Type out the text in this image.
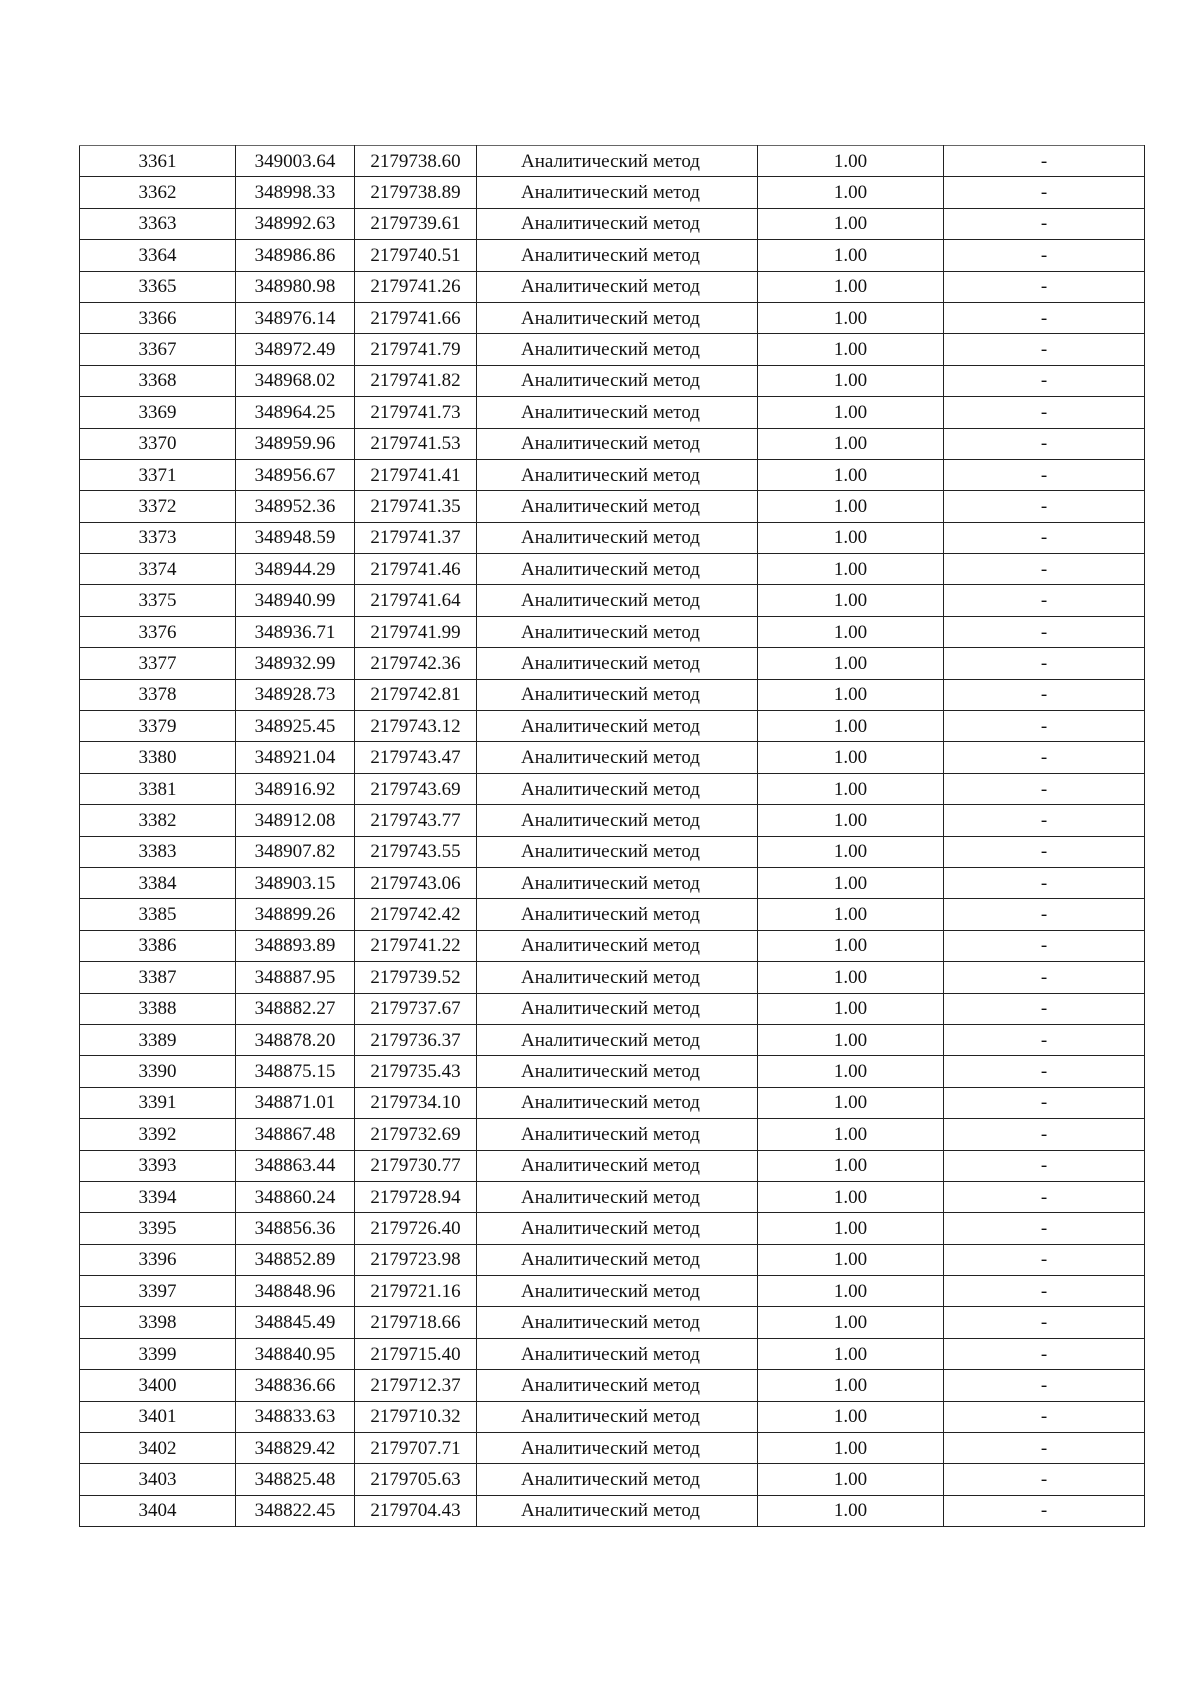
3361	349003.64	2179738.60	Аналитический метод	1.00	-
3362	348998.33	2179738.89	Аналитический метод	1.00	-
3363	348992.63	2179739.61	Аналитический метод	1.00	-
3364	348986.86	2179740.51	Аналитический метод	1.00	-
3365	348980.98	2179741.26	Аналитический метод	1.00	-
3366	348976.14	2179741.66	Аналитический метод	1.00	-
3367	348972.49	2179741.79	Аналитический метод	1.00	-
3368	348968.02	2179741.82	Аналитический метод	1.00	-
3369	348964.25	2179741.73	Аналитический метод	1.00	-
3370	348959.96	2179741.53	Аналитический метод	1.00	-
3371	348956.67	2179741.41	Аналитический метод	1.00	-
3372	348952.36	2179741.35	Аналитический метод	1.00	-
3373	348948.59	2179741.37	Аналитический метод	1.00	-
3374	348944.29	2179741.46	Аналитический метод	1.00	-
3375	348940.99	2179741.64	Аналитический метод	1.00	-
3376	348936.71	2179741.99	Аналитический метод	1.00	-
3377	348932.99	2179742.36	Аналитический метод	1.00	-
3378	348928.73	2179742.81	Аналитический метод	1.00	-
3379	348925.45	2179743.12	Аналитический метод	1.00	-
3380	348921.04	2179743.47	Аналитический метод	1.00	-
3381	348916.92	2179743.69	Аналитический метод	1.00	-
3382	348912.08	2179743.77	Аналитический метод	1.00	-
3383	348907.82	2179743.55	Аналитический метод	1.00	-
3384	348903.15	2179743.06	Аналитический метод	1.00	-
3385	348899.26	2179742.42	Аналитический метод	1.00	-
3386	348893.89	2179741.22	Аналитический метод	1.00	-
3387	348887.95	2179739.52	Аналитический метод	1.00	-
3388	348882.27	2179737.67	Аналитический метод	1.00	-
3389	348878.20	2179736.37	Аналитический метод	1.00	-
3390	348875.15	2179735.43	Аналитический метод	1.00	-
3391	348871.01	2179734.10	Аналитический метод	1.00	-
3392	348867.48	2179732.69	Аналитический метод	1.00	-
3393	348863.44	2179730.77	Аналитический метод	1.00	-
3394	348860.24	2179728.94	Аналитический метод	1.00	-
3395	348856.36	2179726.40	Аналитический метод	1.00	-
3396	348852.89	2179723.98	Аналитический метод	1.00	-
3397	348848.96	2179721.16	Аналитический метод	1.00	-
3398	348845.49	2179718.66	Аналитический метод	1.00	-
3399	348840.95	2179715.40	Аналитический метод	1.00	-
3400	348836.66	2179712.37	Аналитический метод	1.00	-
3401	348833.63	2179710.32	Аналитический метод	1.00	-
3402	348829.42	2179707.71	Аналитический метод	1.00	-
3403	348825.48	2179705.63	Аналитический метод	1.00	-
3404	348822.45	2179704.43	Аналитический метод	1.00	-
